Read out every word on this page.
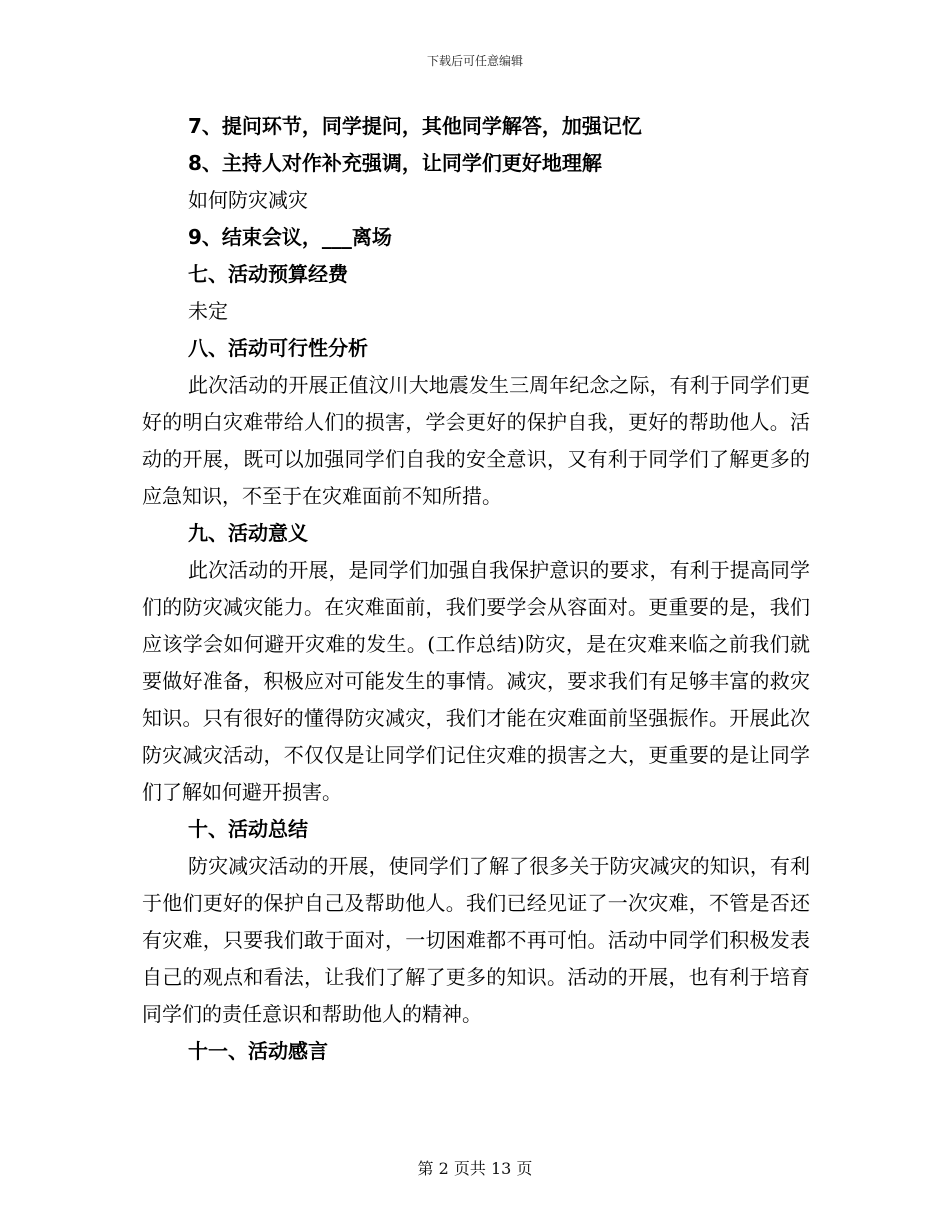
下载后可任意编辑
7、提问环节，同学提问，其他同学解答，加强记忆
8、主持人对作补充强调，让同学们更好地理解
如何防灾减灾
9、结束会议，___离场
七、活动预算经费
未定
八、活动可行性分析

此次活动的开展正值汶川大地震发生三周年纪念之际，有利于同学们更好的明白灾难带给人们的损害，学会更好的保护自我，更好的帮助他人。活动的开展，既可以加强同学们自我的安全意识，又有利于同学们了解更多的应急知识，不至于在灾难面前不知所措。

九、活动意义

此次活动的开展，是同学们加强自我保护意识的要求，有利于提高同学们的防灾减灾能力。在灾难面前，我们要学会从容面对。更重要的是，我们应该学会如何避开灾难的发生。(工作总结)防灾，是在灾难来临之前我们就要做好准备，积极应对可能发生的事情。减灾，要求我们有足够丰富的救灾知识。只有很好的懂得防灾减灾，我们才能在灾难面前坚强振作。开展此次防灾减灾活动，不仅仅是让同学们记住灾难的损害之大，更重要的是让同学们了解如何避开损害。

十、活动总结

防灾减灾活动的开展，使同学们了解了很多关于防灾减灾的知识，有利于他们更好的保护自己及帮助他人。我们已经见证了一次灾难，不管是否还有灾难，只要我们敢于面对，一切困难都不再可怕。活动中同学们积极发表自己的观点和看法，让我们了解了更多的知识。活动的开展，也有利于培育同学们的责任意识和帮助他人的精神。

十一、活动感言
第 2 页共 13 页
